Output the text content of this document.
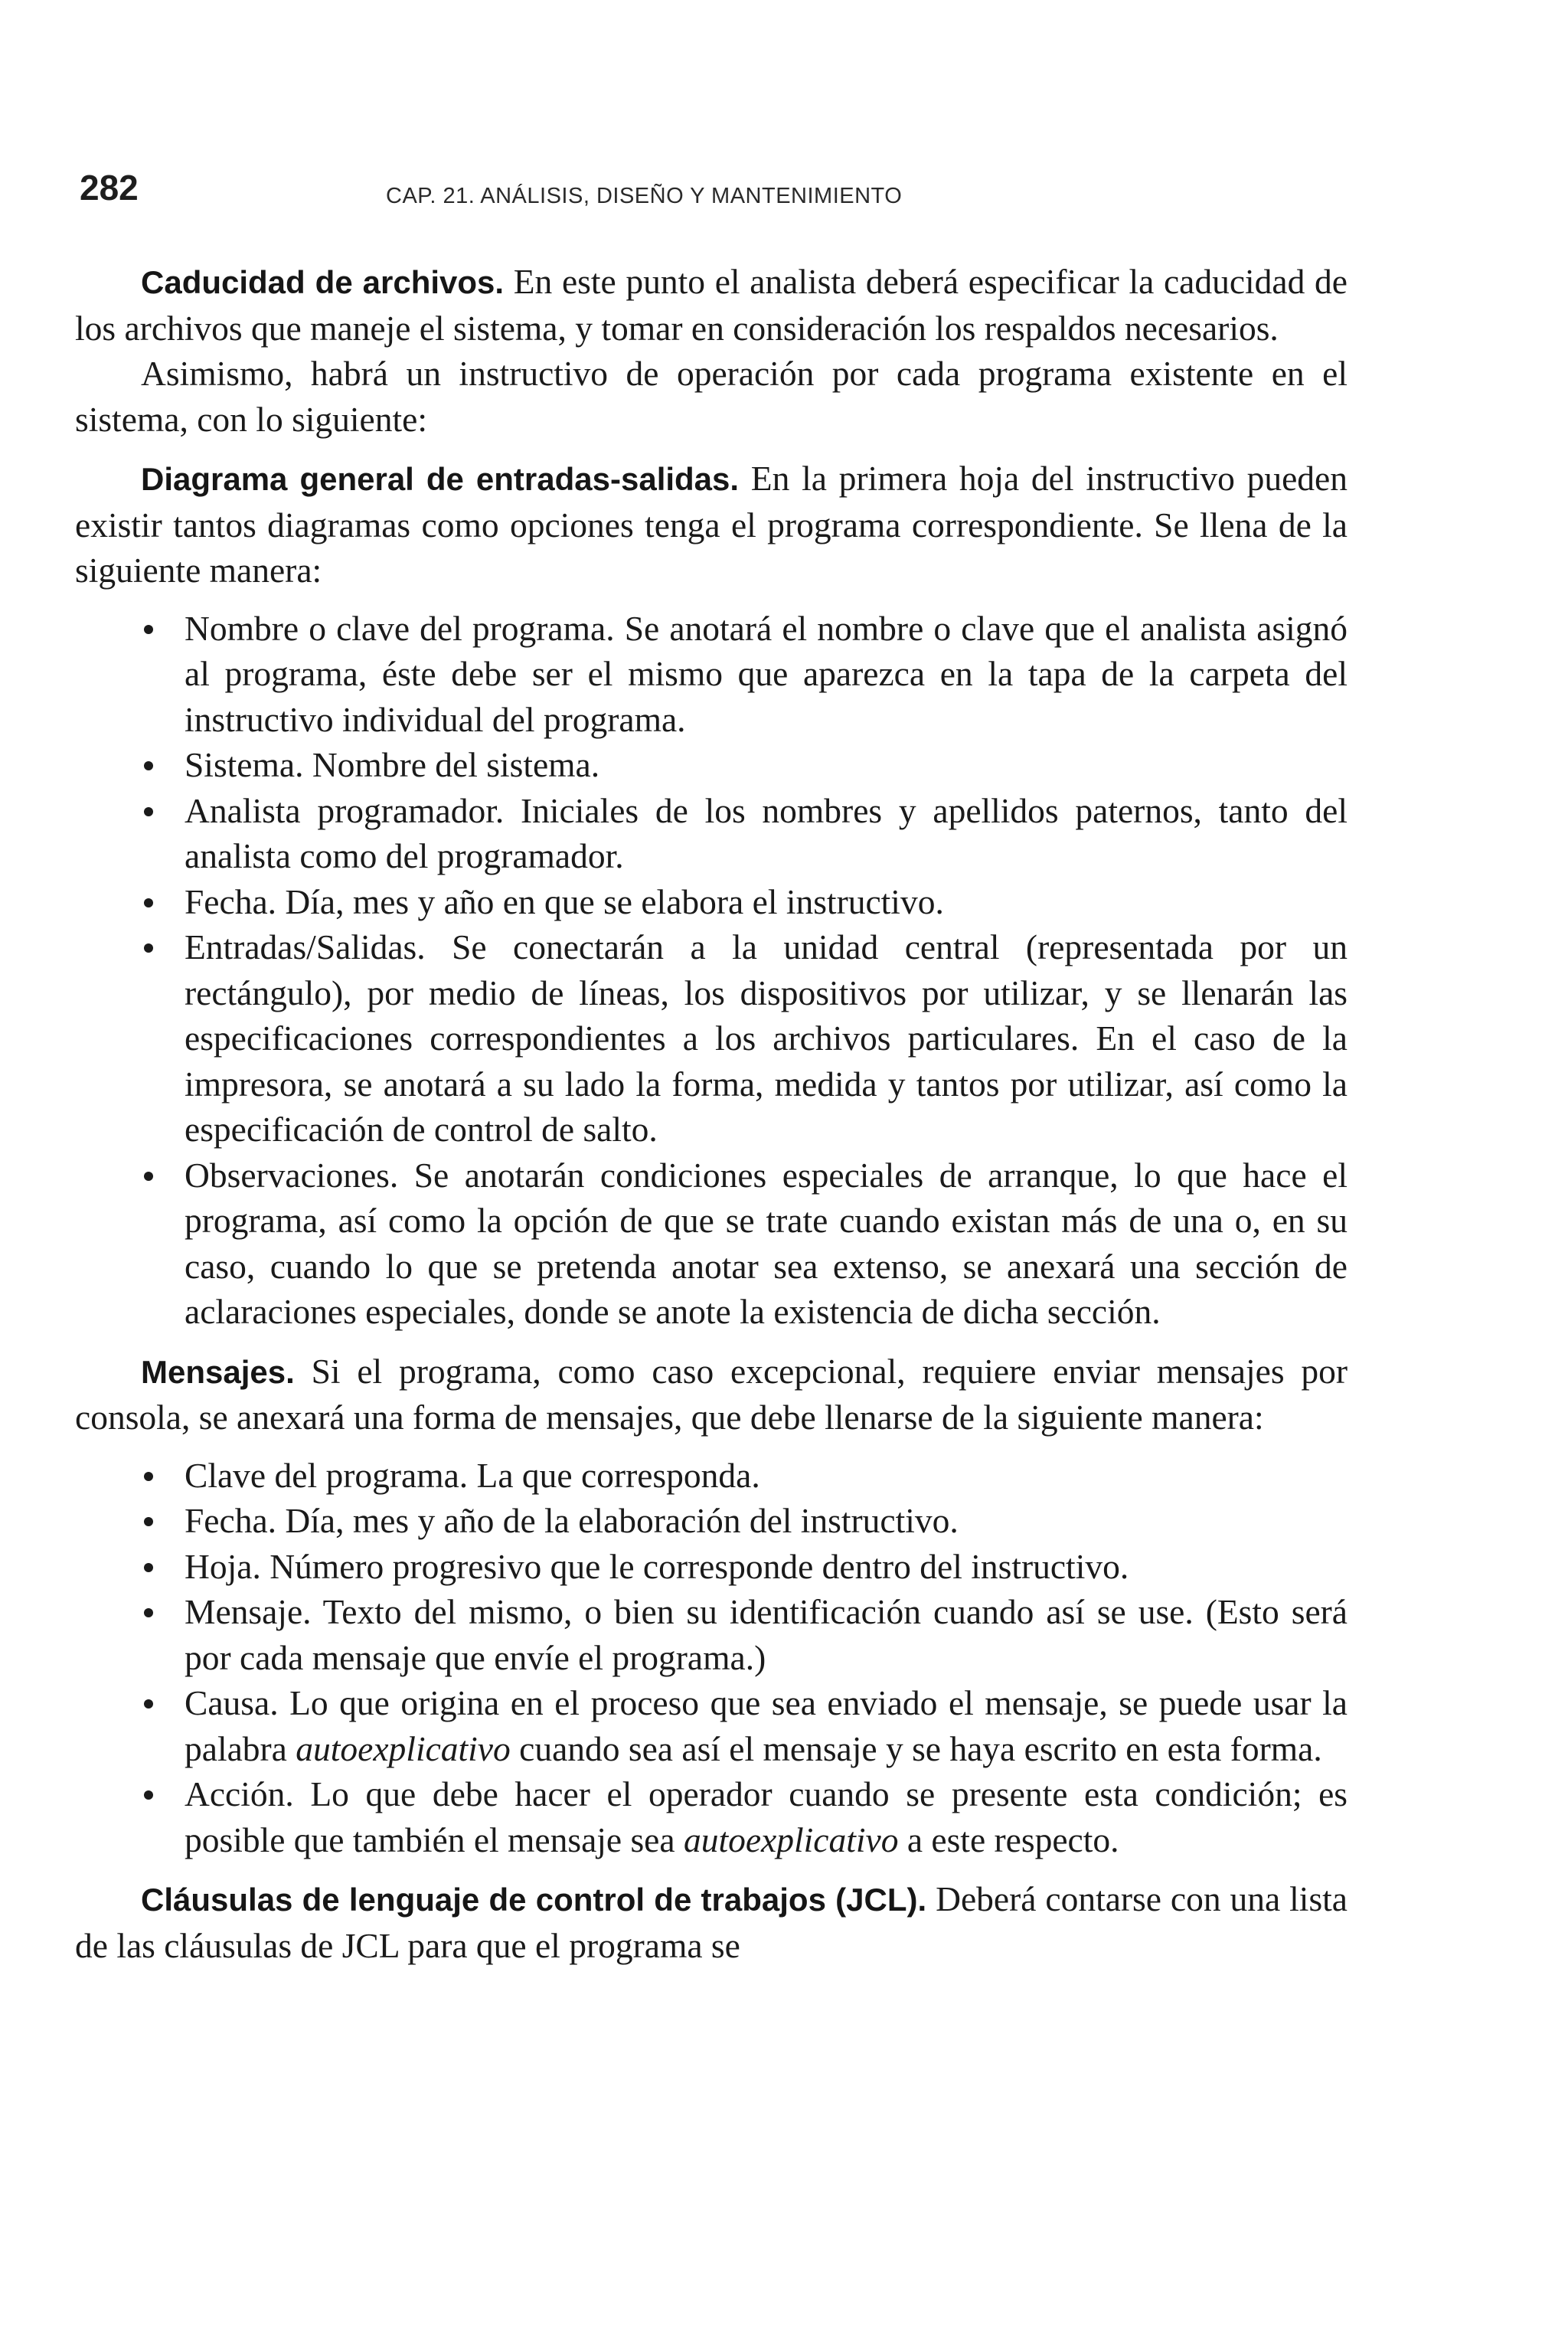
282	CAP. 21. ANÁLISIS, DISEÑO Y MANTENIMIENTO

Caducidad de archivos. En este punto el analista deberá especificar la caducidad de los archivos que maneje el sistema, y tomar en consideración los respaldos necesarios.

Asimismo, habrá un instructivo de operación por cada programa existente en el sistema, con lo siguiente:

Diagrama general de entradas-salidas. En la primera hoja del instructivo pueden existir tantos diagramas como opciones tenga el programa correspondiente. Se llena de la siguiente manera:

Nombre o clave del programa. Se anotará el nombre o clave que el analista asignó al programa, éste debe ser el mismo que aparezca en la tapa de la carpeta del instructivo individual del programa.
Sistema. Nombre del sistema.
Analista programador. Iniciales de los nombres y apellidos paternos, tanto del analista como del programador.
Fecha. Día, mes y año en que se elabora el instructivo.
Entradas/Salidas. Se conectarán a la unidad central (representada por un rectángulo), por medio de líneas, los dispositivos por utilizar, y se llenarán las especificaciones correspondientes a los archivos particulares. En el caso de la impresora, se anotará a su lado la forma, medida y tantos por utilizar, así como la especificación de control de salto.
Observaciones. Se anotarán condiciones especiales de arranque, lo que hace el programa, así como la opción de que se trate cuando existan más de una o, en su caso, cuando lo que se pretenda anotar sea extenso, se anexará una sección de aclaraciones especiales, donde se anote la existencia de dicha sección.

Mensajes. Si el programa, como caso excepcional, requiere enviar mensajes por consola, se anexará una forma de mensajes, que debe llenarse de la siguiente manera:

Clave del programa. La que corresponda.
Fecha. Día, mes y año de la elaboración del instructivo.
Hoja. Número progresivo que le corresponde dentro del instructivo.
Mensaje. Texto del mismo, o bien su identificación cuando así se use. (Esto será por cada mensaje que envíe el programa.)
Causa. Lo que origina en el proceso que sea enviado el mensaje, se puede usar la palabra autoexplicativo cuando sea así el mensaje y se haya escrito en esta forma.
Acción. Lo que debe hacer el operador cuando se presente esta condición; es posible que también el mensaje sea autoexplicativo a este respecto.

Cláusulas de lenguaje de control de trabajos (JCL). Deberá contarse con una lista de las cláusulas de JCL para que el programa se
